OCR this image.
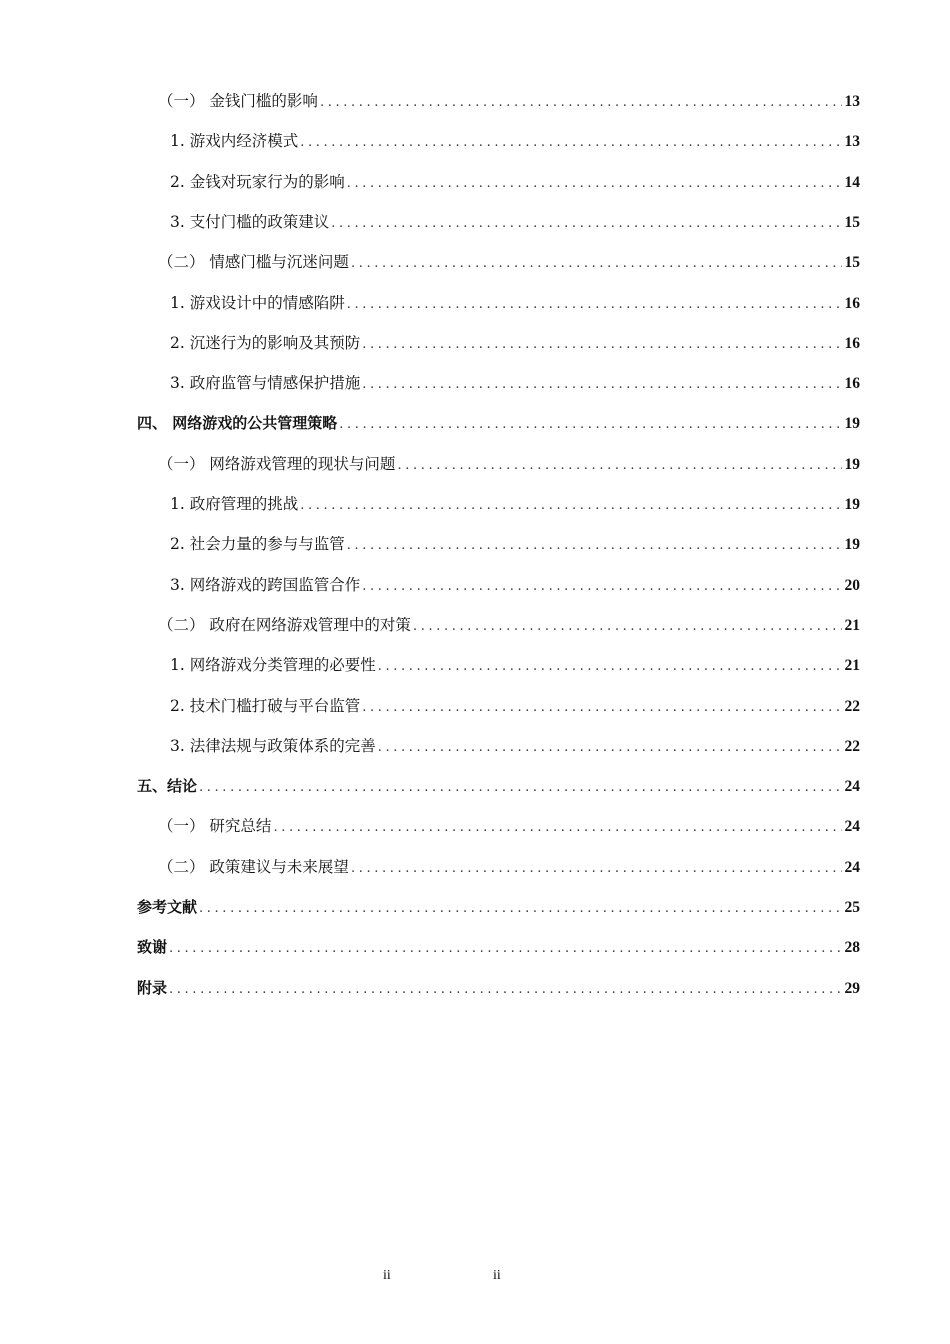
（一） 金钱门槛的影响 . . .	13
1. 游戏内经济模式 . . .	13
2. 金钱对玩家行为的影响 . . .	14
3. 支付门槛的政策建议 . . .	15
（二） 情感门槛与沉迷问题 . . .	15
1. 游戏设计中的情感陷阱 . . .	16
2. 沉迷行为的影响及其预防 . . .	16
3. 政府监管与情感保护措施 . . .	16
四、 网络游戏的公共管理策略 . . .	19
（一） 网络游戏管理的现状与问题 . . .	19
1. 政府管理的挑战 . . .	19
2. 社会力量的参与与监管 . . .	19
3. 网络游戏的跨国监管合作 . . .	20
（二） 政府在网络游戏管理中的对策 . . .	21
1. 网络游戏分类管理的必要性 . . .	21
2. 技术门槛打破与平台监管 . . .	22
3. 法律法规与政策体系的完善 . . .	22
五、结论 . . .	24
（一） 研究总结 . . .	24
（二） 政策建议与未来展望 . . .	24
参考文献 . . .	25
致谢 . . .	28
附录 . . .	29
ii	ii
